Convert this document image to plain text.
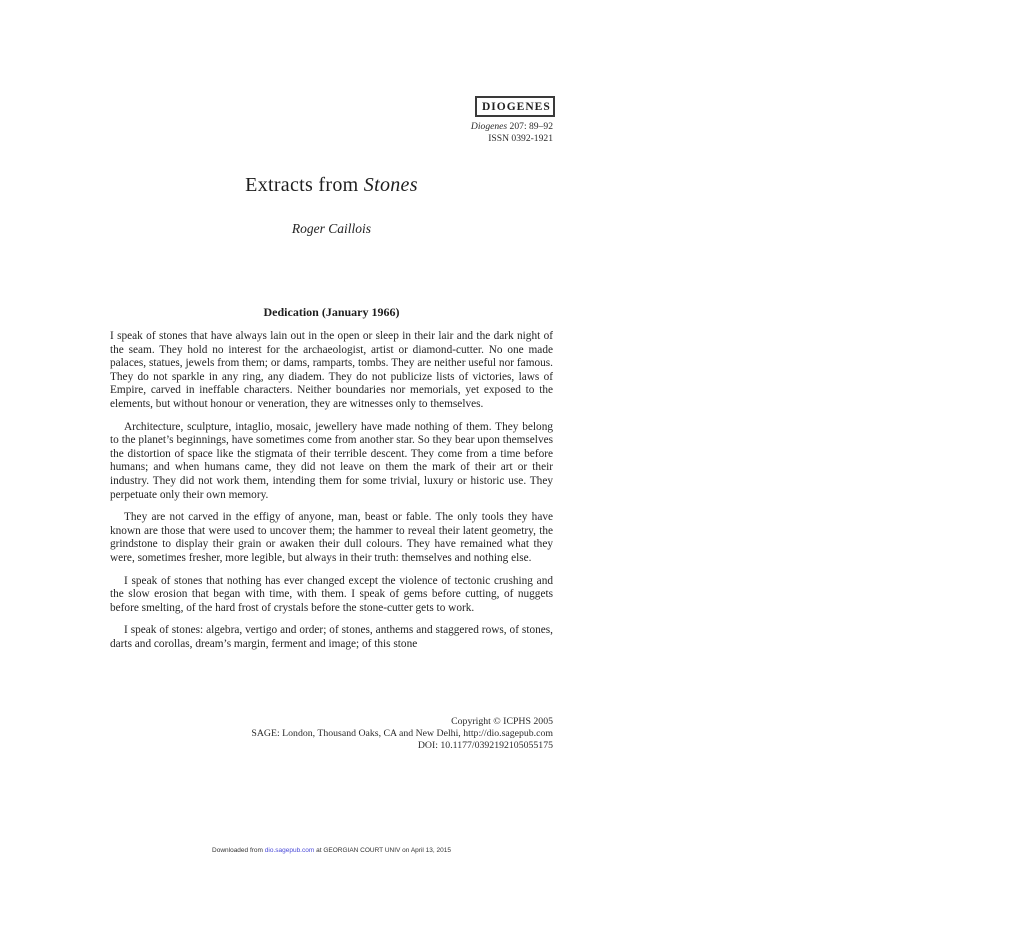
DIOGENES
Diogenes 207: 89–92
ISSN 0392-1921
Extracts from Stones
Roger Caillois
Dedication (January 1966)

I speak of stones that have always lain out in the open or sleep in their lair and the dark night of the seam. They hold no interest for the archaeologist, artist or diamond-cutter. No one made palaces, statues, jewels from them; or dams, ramparts, tombs. They are neither useful nor famous. They do not sparkle in any ring, any diadem. They do not publicize lists of victories, laws of Empire, carved in ineffable characters. Neither boundaries nor memorials, yet exposed to the elements, but without honour or veneration, they are witnesses only to themselves.

Architecture, sculpture, intaglio, mosaic, jewellery have made nothing of them. They belong to the planet’s beginnings, have sometimes come from another star. So they bear upon themselves the distortion of space like the stigmata of their terrible descent. They come from a time before humans; and when humans came, they did not leave on them the mark of their art or their industry. They did not work them, intending them for some trivial, luxury or historic use. They perpetuate only their own memory.

They are not carved in the effigy of anyone, man, beast or fable. The only tools they have known are those that were used to uncover them; the hammer to reveal their latent geometry, the grindstone to display their grain or awaken their dull colours. They have remained what they were, sometimes fresher, more legible, but always in their truth: themselves and nothing else.

I speak of stones that nothing has ever changed except the violence of tectonic crushing and the slow erosion that began with time, with them. I speak of gems before cutting, of nuggets before smelting, of the hard frost of crystals before the stone-cutter gets to work.

I speak of stones: algebra, vertigo and order; of stones, anthems and staggered rows, of stones, darts and corollas, dream’s margin, ferment and image; of this stone

Copyright © ICPHS 2005
SAGE: London, Thousand Oaks, CA and New Delhi, http://dio.sagepub.com
DOI: 10.1177/0392192105055175
Downloaded from dio.sagepub.com at GEORGIAN COURT UNIV on April 13, 2015
